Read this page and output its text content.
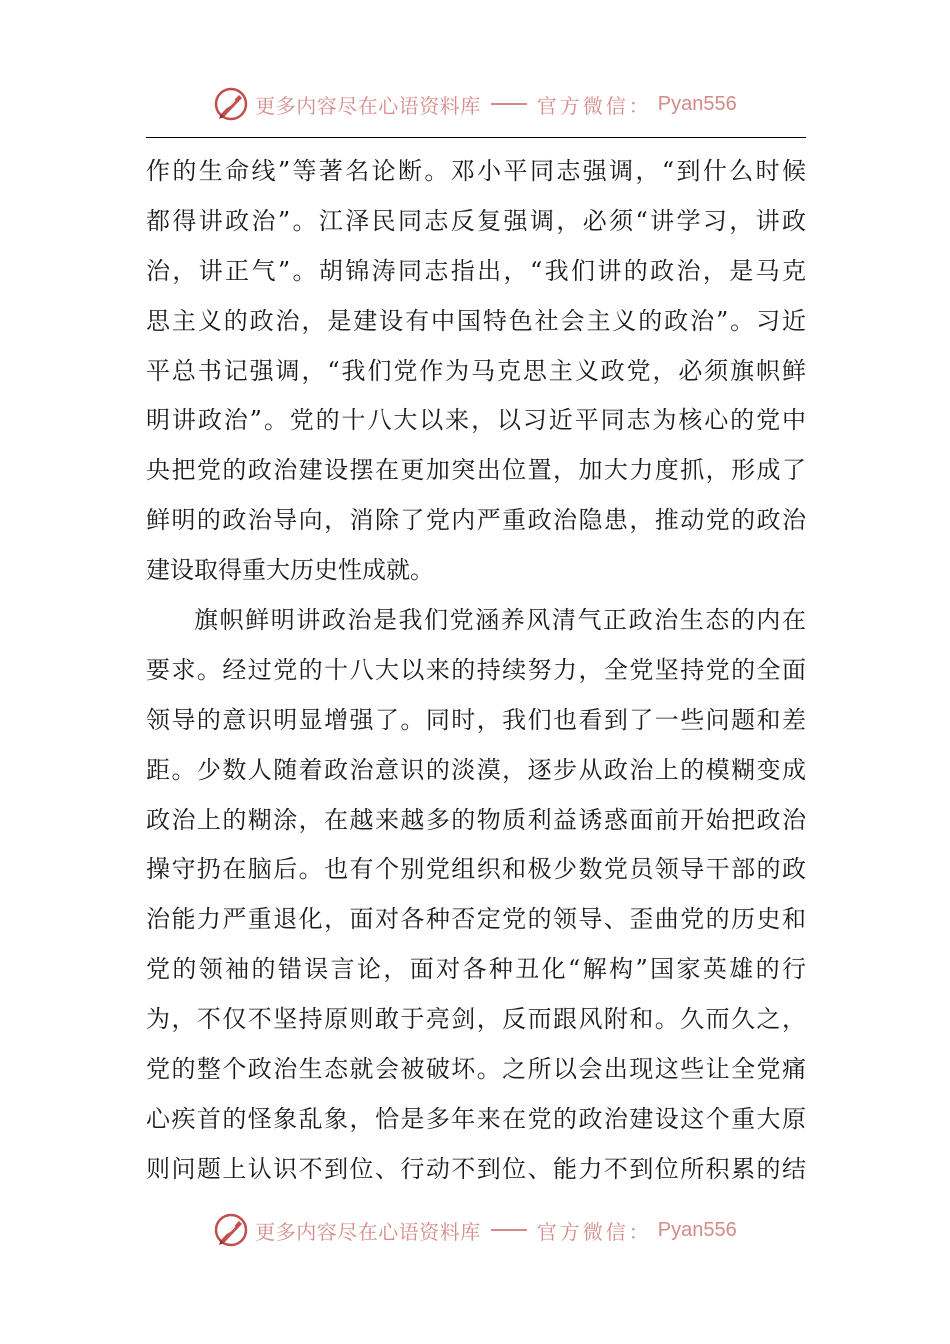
更多内容尽在心语资料库	官方微信： Pyan556
作的生命线”等著名论断。邓小平同志强调，“到什么时候
都得讲政治”。江泽民同志反复强调，必须“讲学习，讲政
治，讲正气”。胡锦涛同志指出，“我们讲的政治，是马克
思主义的政治，是建设有中国特色社会主义的政治”。习近
平总书记强调，“我们党作为马克思主义政党，必须旗帜鲜
明讲政治”。党的十八大以来，以习近平同志为核心的党中
央把党的政治建设摆在更加突出位置，加大力度抓，形成了
鲜明的政治导向，消除了党内严重政治隐患，推动党的政治
建设取得重大历史性成就。
旗帜鲜明讲政治是我们党涵养风清气正政治生态的内在
要求。经过党的十八大以来的持续努力，全党坚持党的全面
领导的意识明显增强了。同时，我们也看到了一些问题和差
距。少数人随着政治意识的淡漠，逐步从政治上的模糊变成
政治上的糊涂，在越来越多的物质利益诱惑面前开始把政治
操守扔在脑后。也有个别党组织和极少数党员领导干部的政
治能力严重退化，面对各种否定党的领导、歪曲党的历史和
党的领袖的错误言论，面对各种丑化“解构”国家英雄的行
为，不仅不坚持原则敢于亮剑，反而跟风附和。久而久之，
党的整个政治生态就会被破坏。之所以会出现这些让全党痛
心疾首的怪象乱象，恰是多年来在党的政治建设这个重大原
则问题上认识不到位、行动不到位、能力不到位所积累的结
更多内容尽在心语资料库	官方微信： Pyan556
